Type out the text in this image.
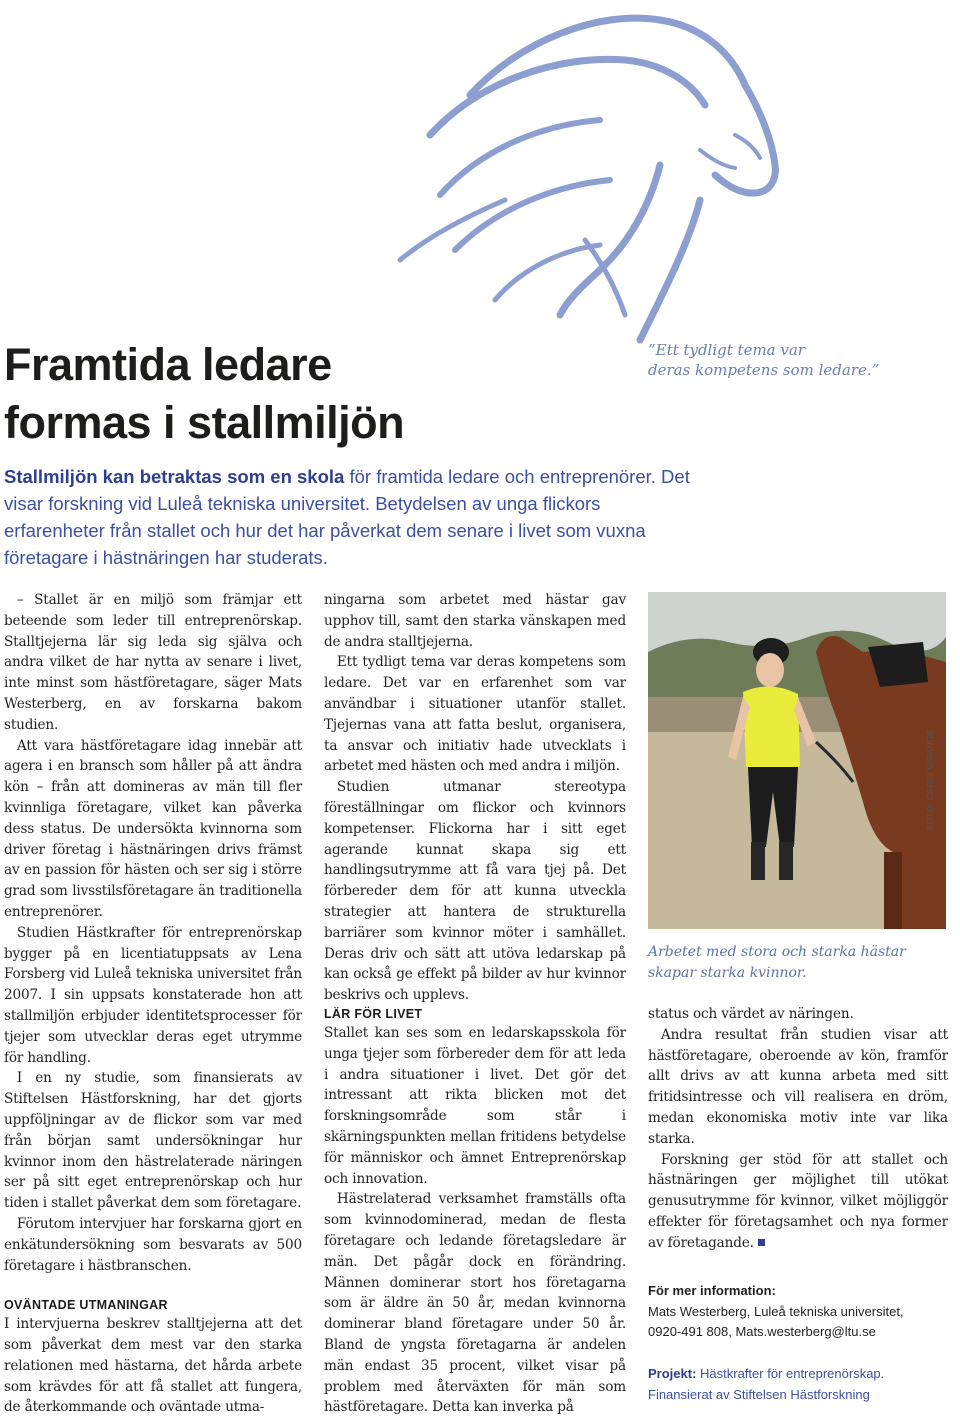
Framtida ledare
formas i stallmiljön
”Ett tydligt tema var
deras kompetens som ledare.”
Stallmiljön kan betraktas som en skola för framtida ledare och entreprenörer. Det visar forskning vid Luleå tekniska universitet. Betydelsen av unga flickors erfarenheter från stallet och hur det har påverkat dem senare i livet som vuxna företagare i hästnäringen har studerats.

– Stallet är en miljö som främjar ett beteende som leder till entreprenörskap. Stalltjejerna lär sig leda sig själva och andra vilket de har nytta av senare i livet, inte minst som hästföretagare, säger Mats Westerberg, en av forskarna bakom studien.

Att vara hästföretagare idag innebär att agera i en bransch som håller på att ändra kön – från att domineras av män till fler kvinnliga företagare, vilket kan påverka dess status. De undersökta kvinnorna som driver företag i hästnäringen drivs främst av en passion för hästen och ser sig i större grad som livsstilsföretagare än traditionella entreprenörer.

Studien Hästkrafter för entreprenörskap bygger på en licentiatuppsats av Lena Forsberg vid Luleå tekniska universitet från 2007. I sin uppsats konstaterade hon att stallmiljön erbjuder identitetsprocesser för tjejer som utvecklar deras eget utrymme för handling.

I en ny studie, som finansierats av Stiftelsen Hästforskning, har det gjorts uppföljningar av de flickor som var med från början samt undersökningar hur kvinnor inom den hästrelaterade näringen ser på sitt eget entreprenörskap och hur tiden i stallet påverkat dem som företagare.

Förutom intervjuer har forskarna gjort en enkätundersökning som besvarats av 500 företagare i hästbranschen.

OVÄNTADE UTMANINGAR

I intervjuerna beskrev stalltjejerna att det som påverkat dem mest var den starka relationen med hästarna, det hårda arbete som krävdes för att få stallet att fungera, de återkommande och oväntade utma-

ningarna som arbetet med hästar gav upphov till, samt den starka vänskapen med de andra stalltjejerna.

Ett tydligt tema var deras kompetens som ledare. Det var en erfarenhet som var användbar i situationer utanför stallet. Tjejernas vana att fatta beslut, organisera, ta ansvar och initiativ hade utvecklats i arbetet med hästen och med andra i miljön.

Studien utmanar stereotypa föreställningar om flickor och kvinnors kompetenser. Flickorna har i sitt eget agerande kunnat skapa sig ett handlingsutrymme att få vara tjej på. Det förbereder dem för att kunna utveckla strategier att hantera de strukturella barriärer som kvinnor möter i samhället. Deras driv och sätt att utöva ledarskap på kan också ge effekt på bilder av hur kvinnor beskrivs och upplevs.

LÄR FÖR LIVET

Stallet kan ses som en ledarskapsskola för unga tjejer som förbereder dem för att leda i andra situationer i livet. Det gör det intressant att rikta blicken mot det forskningsområde som står i skärningspunkten mellan fritidens betydelse för människor och ämnet Entreprenörskap och innovation.

Hästrelaterad verksamhet framställs ofta som kvinnodominerad, medan de flesta företagare och ledande företagsledare är män. Det pågår dock en förändring. Männen dominerar stort hos företagarna som är äldre än 50 år, medan kvinnorna dominerar bland företagare under 50 år. Bland de yngsta företagarna är andelen män endast 35 procent, vilket visar på problem med återväxten för män som hästföretagare. Detta kan inverka på

FOTO: CARIN WRANGE
Arbetet med stora och starka hästar skapar starka kvinnor.

status och värdet av näringen.

Andra resultat från studien visar att hästföretagare, oberoende av kön, framför allt drivs av att kunna arbeta med sitt fritidsintresse och vill realisera en dröm, medan ekonomiska motiv inte var lika starka.

Forskning ger stöd för att stallet och hästnäringen ger möjlighet till utökat genusutrymme för kvinnor, vilket möjliggör effekter för företagsamhet och nya former av företagande.

För mer information:
Mats Westerberg, Luleå tekniska universitet,
0920-491 808, Mats.westerberg@ltu.se
Projekt: Hästkrafter för entreprenörskap. Finansierat av Stiftelsen Hästforskning
